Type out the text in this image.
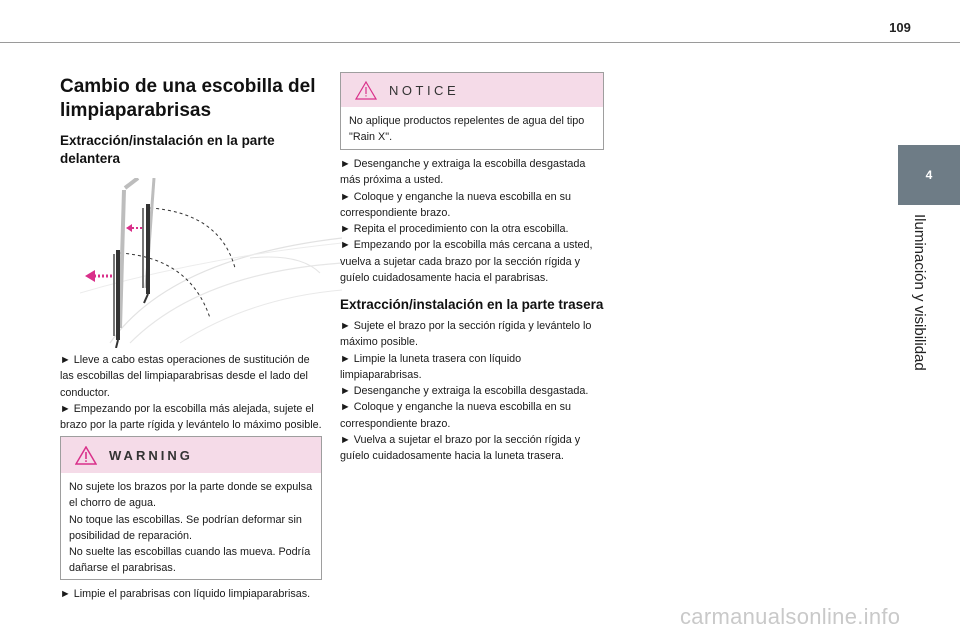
109
4
Iluminación y visibilidad
Cambio de una escobilla del limpiaparabrisas
Extracción/instalación en la parte delantera

► Lleve a cabo estas operaciones de sustitución de las escobillas del limpiaparabrisas desde el lado del conductor.

► Empezando por la escobilla más alejada, sujete el brazo por la parte rígida y levántelo lo máximo posible.

WARNING

No sujete los brazos por la parte donde se expulsa el chorro de agua.

No toque las escobillas. Se podrían deformar sin posibilidad de reparación.

No suelte las escobillas cuando las mueva. Podría dañarse el parabrisas.

► Limpie el parabrisas con líquido limpiaparabrisas.

NOTICE
No aplique productos repelentes de agua del tipo "Rain X".

► Desenganche y extraiga la escobilla desgastada más próxima a usted.

► Coloque y enganche la nueva escobilla en su correspondiente brazo.

► Repita el procedimiento con la otra escobilla.

► Empezando por la escobilla más cercana a usted, vuelva a sujetar cada brazo por la sección rígida y guíelo cuidadosamente hacia el parabrisas.

Extracción/instalación en la parte trasera

► Sujete el brazo por la sección rígida y levántelo lo máximo posible.

► Limpie la luneta trasera con líquido limpiaparabrisas.

► Desenganche y extraiga la escobilla desgastada.

► Coloque y enganche la nueva escobilla en su correspondiente brazo.

► Vuelva a sujetar el brazo por la sección rígida y guíelo cuidadosamente hacia la luneta trasera.

carmanualsonline.info
